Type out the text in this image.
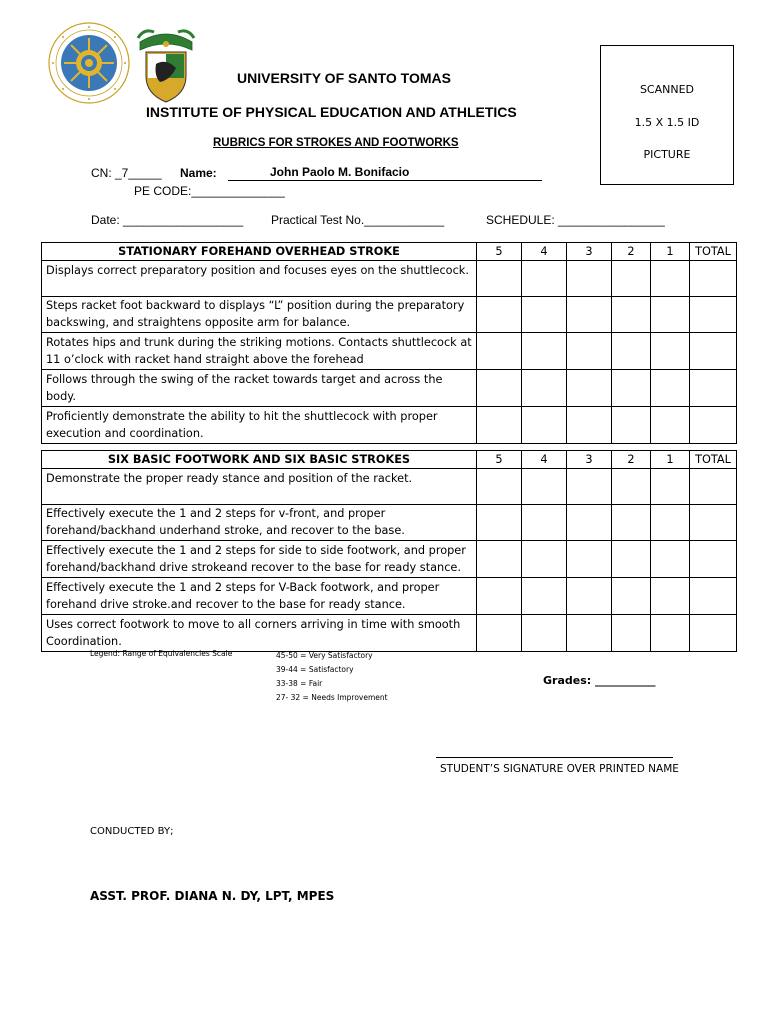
UNIVERSITY OF SANTO TOMAS
INSTITUTE OF PHYSICAL EDUCATION AND ATHLETICS
RUBRICS FOR STROKES AND FOOTWORKS
SCANNED
1.5 X 1.5 ID
PICTURE
CN: _7_____ Name:	John Paolo M. Bonifacio
PE CODE:______________
Date: __________________ Practical Test No.____________	SCHEDULE: ________________
STATIONARY FOREHAND OVERHEAD STROKE	5	4	3	2	1	TOTAL
Displays correct preparatory position and focuses eyes on the shuttlecock.						
Steps racket foot backward to displays “L” position during the preparatory backswing, and straightens opposite arm for balance.						
Rotates hips and trunk during the striking motions. Contacts shuttlecock at 11 o’clock with racket hand straight above the forehead						
Follows through the swing of the racket towards target and across the body.						
Proficiently demonstrate the ability to hit the shuttlecock with proper execution and coordination.						
SIX BASIC FOOTWORK AND SIX BASIC STROKES	5	4	3	2	1	TOTAL
Demonstrate the proper ready stance and position of the racket.						
Effectively execute the 1 and 2 steps for v-front, and proper forehand/backhand underhand stroke, and recover to the base.						
Effectively execute the 1 and 2 steps for side to side footwork, and proper forehand/backhand drive strokeand recover to the base for ready stance.						
Effectively execute the 1 and 2 steps for V-Back footwork, and proper forehand drive stroke.and recover to the base for ready stance.						
Uses correct footwork to move to all corners arriving in time with smooth Coordination.						
Legend: Range of Equivalencies Scale	45-50 = Very Satisfactory
39-44 = Satisfactory
33-38 = Fair
27- 32 = Needs Improvement
Grades: ___________
STUDENT’S SIGNATURE OVER PRINTED NAME
CONDUCTED BY;
ASST. PROF. DIANA N. DY, LPT, MPES
